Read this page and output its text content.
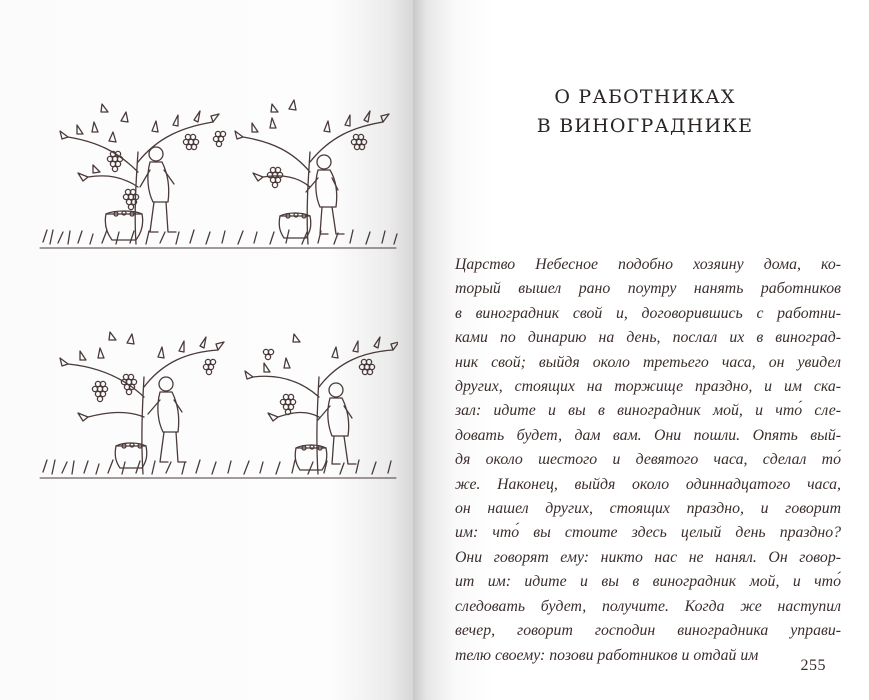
О РАБОТНИКАХ
В ВИНОГРАДНИКЕ
Царство Небесное подобно хозяину дома, ко-
торый вышел рано поутру нанять работников
в виноградник свой и, договорившись с работни-
ками по динарию на день, послал их в виноград-
ник свой; выйдя около третьего часа, он увидел
других, стоящих на торжище праздно, и им ска-
зал: идите и вы в виноградник мой, и что́ сле-
довать будет, дам вам. Они пошли. Опять вый-
дя около шестого и девятого часа, сделал то́
же. Наконец, выйдя около одиннадцатого часа,
он нашел других, стоящих праздно, и говорит
им: что́ вы стоите здесь целый день праздно?
Они говорят ему: никто нас не нанял. Он говор-
ит им: идите и вы в виноградник мой, и что́
следовать будет, получите. Когда же наступил
вечер, говорит господин виноградника управи-
телю своему: позови работников и отдай им
255
